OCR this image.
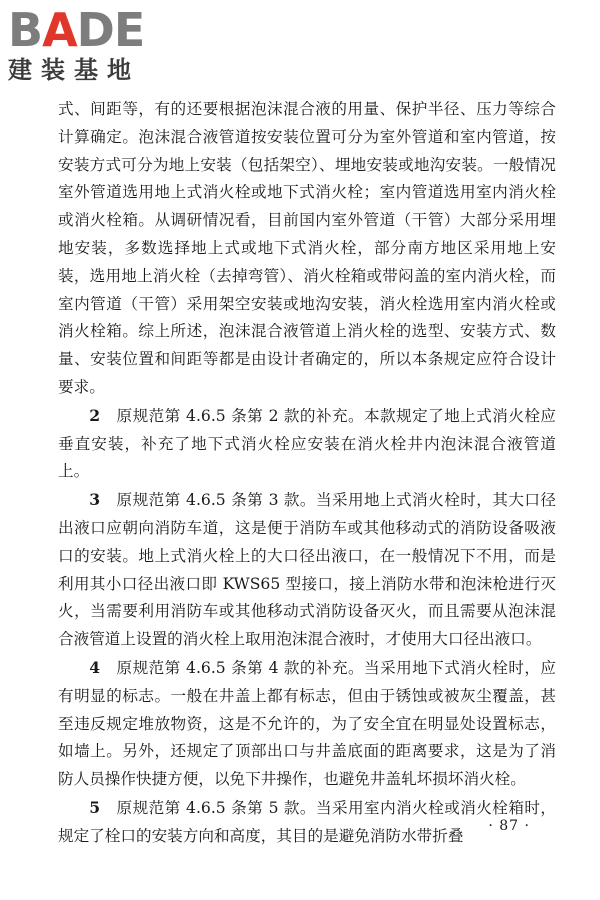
BADE
建装基地

式、间距等，有的还要根据泡沫混合液的用量、保护半径、压力等综合计算确定。泡沫混合液管道按安装位置可分为室外管道和室内管道，按安装方式可分为地上安装（包括架空）、埋地安装或地沟安装。一般情况室外管道选用地上式消火栓或地下式消火栓；室内管道选用室内消火栓或消火栓箱。从调研情况看，目前国内室外管道（干管）大部分采用埋地安装，多数选择地上式或地下式消火栓，部分南方地区采用地上安装，选用地上消火栓（去掉弯管）、消火栓箱或带闷盖的室内消火栓，而室内管道（干管）采用架空安装或地沟安装，消火栓选用室内消火栓或消火栓箱。综上所述，泡沫混合液管道上消火栓的选型、安装方式、数量、安装位置和间距等都是由设计者确定的，所以本条规定应符合设计要求。

2　 原规范第 4.6.5 条第 2 款的补充。本款规定了地上式消火栓应垂直安装，补充了地下式消火栓应安装在消火栓井内泡沫混合液管道上。

3　 原规范第 4.6.5 条第 3 款。当采用地上式消火栓时，其大口径出液口应朝向消防车道，这是便于消防车或其他移动式的消防设备吸液口的安装。地上式消火栓上的大口径出液口，在一般情况下不用，而是利用其小口径出液口即 KWS65 型接口，接上消防水带和泡沫枪进行灭火，当需要利用消防车或其他移动式消防设备灭火，而且需要从泡沫混合液管道上设置的消火栓上取用泡沫混合液时，才使用大口径出液口。

4　 原规范第 4.6.5 条第 4 款的补充。当采用地下式消火栓时，应有明显的标志。一般在井盖上都有标志，但由于锈蚀或被灰尘覆盖，甚至违反规定堆放物资，这是不允许的，为了安全宜在明显处设置标志，如墙上。另外，还规定了顶部出口与井盖底面的距离要求，这是为了消防人员操作快捷方便，以免下井操作，也避免井盖轧坏损坏消火栓。

5　 原规范第 4.6.5 条第 5 款。当采用室内消火栓或消火栓箱时，规定了栓口的安装方向和高度，其目的是避免消防水带折叠

· 87 ·
